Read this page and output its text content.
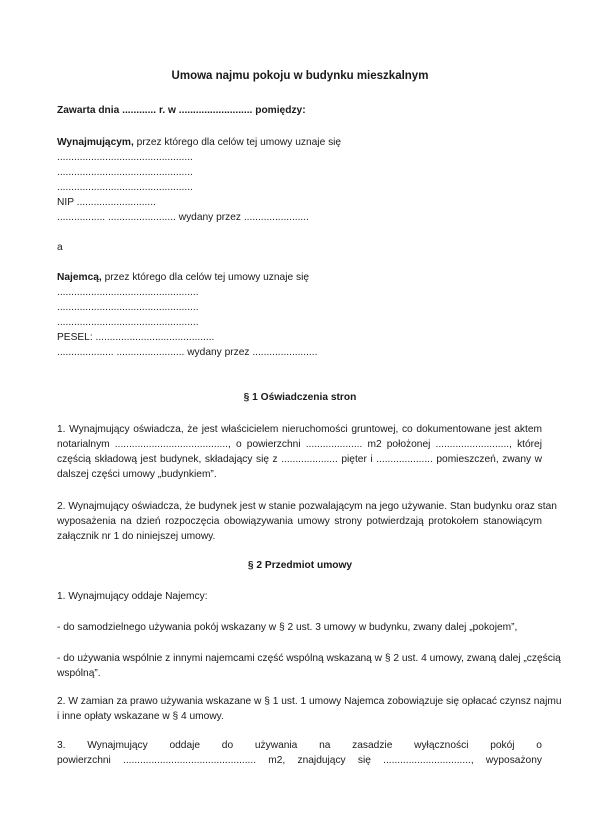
Umowa najmu pokoju w budynku mieszkalnym
Zawarta dnia ............ r. w .......................... pomiędzy:
Wynajmującym, przez którego dla celów tej umowy uznaje się
................................................
................................................
................................................
NIP ............................
................. ........................ wydany przez .......................
a
Najemcą, przez którego dla celów tej umowy uznaje się
..................................................
..................................................
..................................................
PESEL: ..........................................
.................... ........................ wydany przez .......................
§ 1 Oświadczenia stron
1. Wynajmujący oświadcza, że jest właścicielem nieruchomości gruntowej, co dokumentowane jest aktem
notarialnym ........................................, o powierzchni .................... m2 położonej .........................., której
częścią składową jest budynek, składający się z .................... pięter i .................... pomieszczeń, zwany w
dalszej części umowy „budynkiem”.
2. Wynajmujący oświadcza, że budynek jest w stanie pozwalającym na jego używanie. Stan budynku oraz stan
wyposażenia na dzień rozpoczęcia obowiązywania umowy strony potwierdzają protokołem stanowiącym
załącznik nr 1 do niniejszej umowy.
§ 2 Przedmiot umowy
1. Wynajmujący oddaje Najemcy:
- do samodzielnego używania pokój wskazany w § 2 ust. 3 umowy w budynku, zwany dalej „pokojem”,
- do używania wspólnie z innymi najemcami część wspólną wskazaną w § 2 ust. 4 umowy, zwaną dalej „częścią
wspólną”.
2. W zamian za prawo używania wskazane w § 1 ust. 1 umowy Najemca zobowiązuje się opłacać czynsz najmu
i inne opłaty wskazane w § 4 umowy.
3. Wynajmujący oddaje do używania na zasadzie wyłączności pokój o
powierzchni ............................................... m2, znajdujący się ..............................., wyposażony
